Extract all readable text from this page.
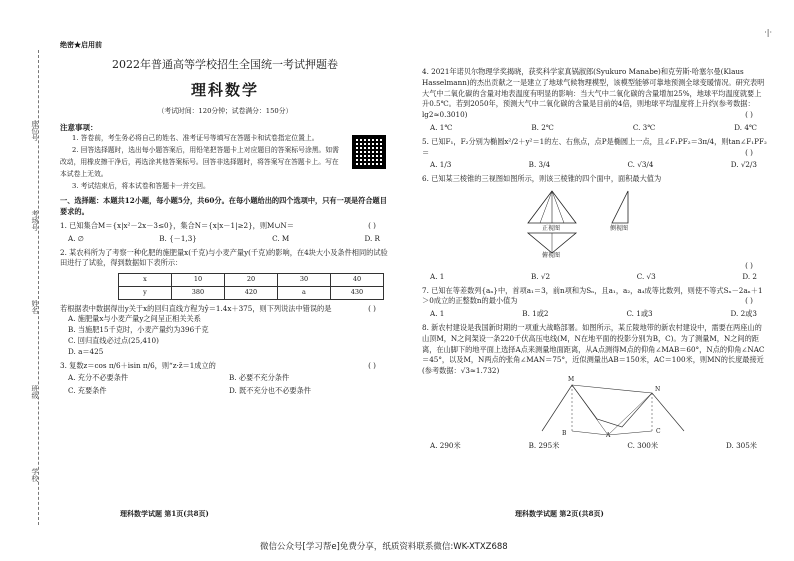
·|·
座位号
考场号
姓名
班级
学校
绝密★启用前
2022年普通高等学校招生全国统一考试押题卷
理科数学
（考试时间：120分钟；试卷满分：150分）
注意事项：
1. 答卷前，考生务必将自己的姓名、准考证号等填写在答题卡和试卷指定位置上。
2. 回答选择题时，选出每小题答案后，用铅笔把答题卡上对应题目的答案标号涂黑。如需改动，用橡皮擦干净后，再选涂其他答案标号。回答非选择题时，将答案写在答题卡上。写在本试卷上无效。
3. 考试结束后，将本试卷和答题卡一并交回。
一、选择题：本题共12小题，每小题5分，共60分。在每小题给出的四个选项中，只有一项是符合题目要求的。
( )
1. 已知集合M＝{x|x²－2x－3≤0}，集合N＝{x|x－1|≥2}，则M∪N＝
A. ∅	B. {－1,3}	C. M	D. R
2. 某农科所为了考察一种化肥的施肥量x(千克)与小麦产量y(千克)的影响，在4块大小及条件相同的试验田进行了试验，得到数据如下表所示：
x	10	20	30	40
y	380	420	a	430
( )
若根据表中数据得出y关于x的回归直线方程为ŷ＝1.4x＋375，则下列说法中错误的是
A. 施肥量x与小麦产量y之间呈正相关关系
B. 当施肥15千克时，小麦产量约为396千克
C. 回归直线必过点(25,410)
D. a＝425
( )
3. 复数z＝cos π/6＋isin π/6，则“z·z̄＝1成立的
A. 充分不必要条件	B. 必要不充分条件
C. 充要条件	D. 既不充分也不必要条件
理科数学试题 第1页(共8页)
4. 2021年诺贝尔物理学奖揭晓，获奖科学家真锅淑郎(Syukuro Manabe)和克劳斯·哈塞尔曼(Klaus Hasselmann)的杰出贡献之一是建立了地球气候物理模型，该模型能够可靠地预测全球变暖情况。研究表明大气中二氧化碳的含量对地表温度有明显的影响：当大气中二氧化碳的含量增加25%，地球平均温度就要上升0.5℃。若到2050年，预测大气中二氧化碳的含量是目前的4倍，则地球平均温度将上升约(参考数据：lg2≈0.3010)	( )
A. 1℃	B. 2℃	C. 3℃	D. 4℃
5. 已知F₁，F₂分别为椭圆x²/2＋y²＝1的左、右焦点，点P是椭圆上一点，且∠F₁PF₂＝3π/4，则tan∠F₁PF₂＝	( )
A. 1/3	B. 3/4	C. √3/4	D. √2/3
6. 已知某三棱锥的三视图如图所示，则该三棱锥的四个面中，面积最大值为
正视图	侧视图
俯视图
( )
A. 1	B. √2	C. √3	D. 2
7. 已知在等差数列{aₙ}中，首项a₁＝3，前n项和为Sₙ，且a₁，a₂，a₄成等比数列，则使不等式Sₙ－2aₙ＋1＞0成立的正整数n的最小值为	( )
A. 1	B. 1或2	C. 1或3	D. 2或3
8. 新农村建设是我国新时期的一项重大战略部署。如图所示，某丘陵地带的新农村建设中，需要在两座山的山顶M，N之间架设一条220千伏高压电线(M，N在地平面的投影分别为B，C)。为了测量M，N之间的距离，在山脚下的地平面上选择A点来测量地面距离，从A点测得M点的仰角∠MAB＝60°，N点的仰角∠NAC＝45°，以及M，N两点的张角∠MAN＝75°，近似测量出AB＝150米，AC＝100米，则MN的长度最接近(参考数据：√3≈1.732)
M
N
B	A
C
A. 290米	B. 295米	C. 300米	D. 305米
理科数学试题 第2页(共8页)
微信公众号[学习帮e]免费分享，纸质资料联系微信:WK-XTXZ688
